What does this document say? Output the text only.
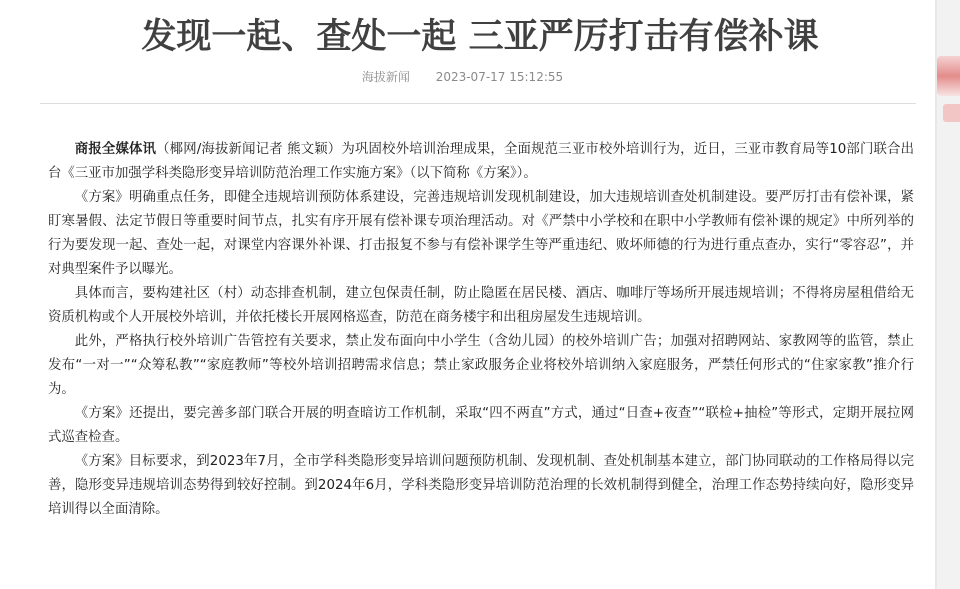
发现一起、查处一起 三亚严厉打击有偿补课
海拔新闻 2023-07-17 15:12:55

商报全媒体讯（椰网/海拔新闻记者 熊文颖）为巩固校外培训治理成果，全面规范三亚市校外培训行为，近日，三亚市教育局等10部门联合出台《三亚市加强学科类隐形变异培训防范治理工作实施方案》（以下简称《方案》）。

《方案》明确重点任务，即健全违规培训预防体系建设，完善违规培训发现机制建设，加大违规培训查处机制建设。要严厉打击有偿补课，紧盯寒暑假、法定节假日等重要时间节点，扎实有序开展有偿补课专项治理活动。对《严禁中小学校和在职中小学教师有偿补课的规定》中所列举的行为要发现一起、查处一起，对课堂内容课外补课、打击报复不参与有偿补课学生等严重违纪、败坏师德的行为进行重点查办，实行“零容忍”，并对典型案件予以曝光。

具体而言，要构建社区（村）动态排查机制，建立包保责任制，防止隐匿在居民楼、酒店、咖啡厅等场所开展违规培训；不得将房屋租借给无资质机构或个人开展校外培训，并依托楼长开展网格巡查，防范在商务楼宇和出租房屋发生违规培训。

此外，严格执行校外培训广告管控有关要求，禁止发布面向中小学生（含幼儿园）的校外培训广告；加强对招聘网站、家教网等的监管，禁止发布“一对一”“众筹私教”“家庭教师”等校外培训招聘需求信息；禁止家政服务企业将校外培训纳入家庭服务，严禁任何形式的“住家家教”推介行为。

《方案》还提出，要完善多部门联合开展的明查暗访工作机制，采取“四不两直”方式，通过“日查+夜查”“联检+抽检”等形式，定期开展拉网式巡查检查。

《方案》目标要求，到2023年7月，全市学科类隐形变异培训问题预防机制、发现机制、查处机制基本建立，部门协同联动的工作格局得以完善，隐形变异违规培训态势得到较好控制。到2024年6月，学科类隐形变异培训防范治理的长效机制得到健全，治理工作态势持续向好，隐形变异培训得以全面清除。
